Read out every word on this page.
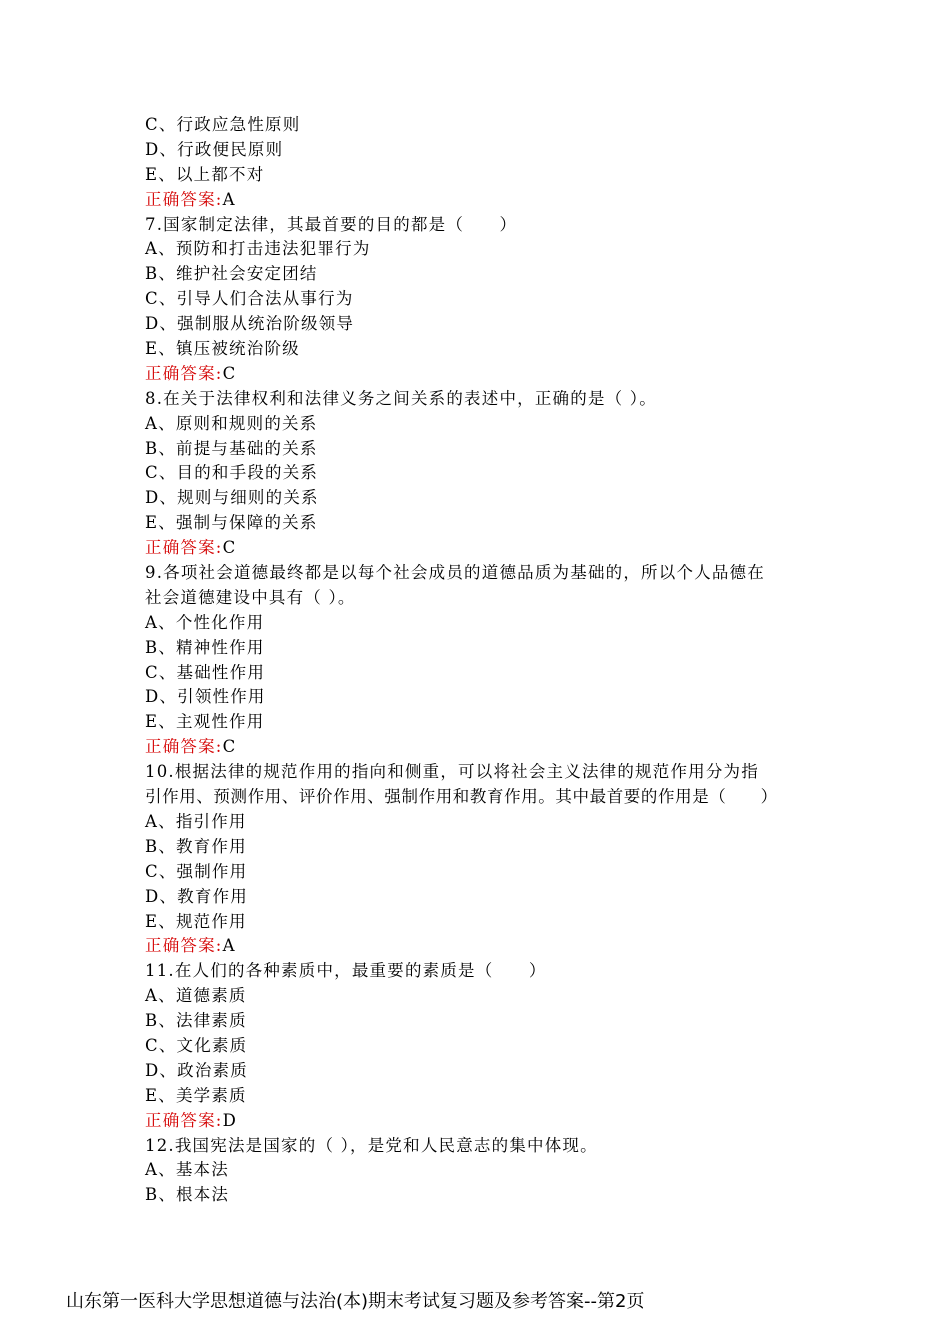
C、行政应急性原则
D、行政便民原则
E、以上都不对
正确答案:A
7.国家制定法律，其最首要的目的都是（　　）
A、预防和打击违法犯罪行为
B、维护社会安定团结
C、引导人们合法从事行为
D、强制服从统治阶级领导
E、镇压被统治阶级
正确答案:C
8.在关于法律权利和法律义务之间关系的表述中，正确的是（ ）。
A、原则和规则的关系
B、前提与基础的关系
C、目的和手段的关系
D、规则与细则的关系
E、强制与保障的关系
正确答案:C
9.各项社会道德最终都是以每个社会成员的道德品质为基础的，所以个人品德在
社会道德建设中具有（ ）。
A、个性化作用
B、精神性作用
C、基础性作用
D、引领性作用
E、主观性作用
正确答案:C
10.根据法律的规范作用的指向和侧重，可以将社会主义法律的规范作用分为指
引作用、预测作用、评价作用、强制作用和教育作用。其中最首要的作用是（　　）
A、指引作用
B、教育作用
C、强制作用
D、教育作用
E、规范作用
正确答案:A
11.在人们的各种素质中，最重要的素质是（　　）
A、道德素质
B、法律素质
C、文化素质
D、政治素质
E、美学素质
正确答案:D
12.我国宪法是国家的（ ），是党和人民意志的集中体现。
A、基本法
B、根本法
山东第一医科大学思想道德与法治(本)期末考试复习题及参考答案--第2页
